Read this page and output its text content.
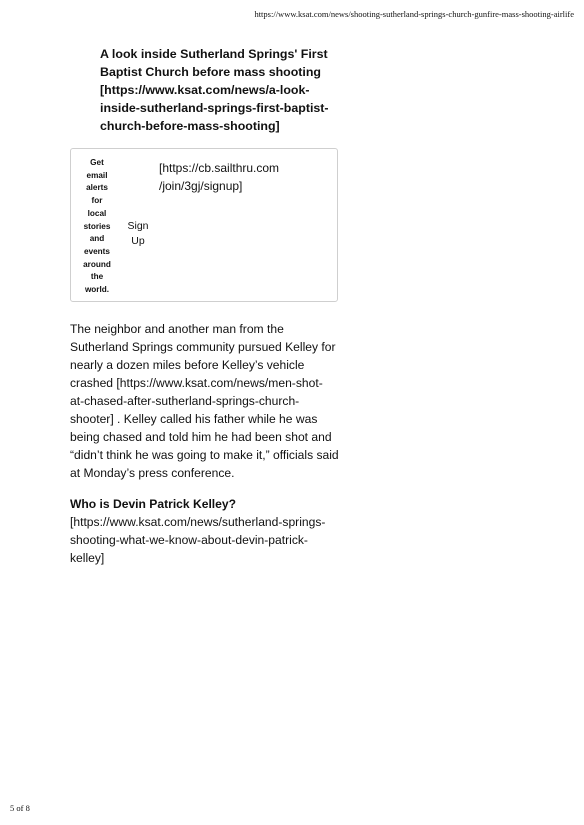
https://www.ksat.com/news/shooting-sutherland-springs-church-gunfire-mass-shooting-airlife
A look inside Sutherland Springs' First
Baptist Church before mass shooting
[https://www.ksat.com/news/a-look-
inside-sutherland-springs-first-baptist-
church-before-mass-shooting]
Get
email
alerts
for
local
stories
and
events
around
the
world.
Sign
Up
[https://cb.sailthru.com
/join/3gj/signup]
The neighbor and another man from the
Sutherland Springs community pursued Kelley for
nearly a dozen miles before Kelley’s vehicle
crashed [https://www.ksat.com/news/men-shot-
at-chased-after-sutherland-springs-church-
shooter] . Kelley called his father while he was
being chased and told him he had been shot and
“didn’t think he was going to make it,” officials said
at Monday’s press conference.
Who is Devin Patrick Kelley?
[https://www.ksat.com/news/sutherland-springs-
shooting-what-we-know-about-devin-patrick-
kelley]
5 of 8
